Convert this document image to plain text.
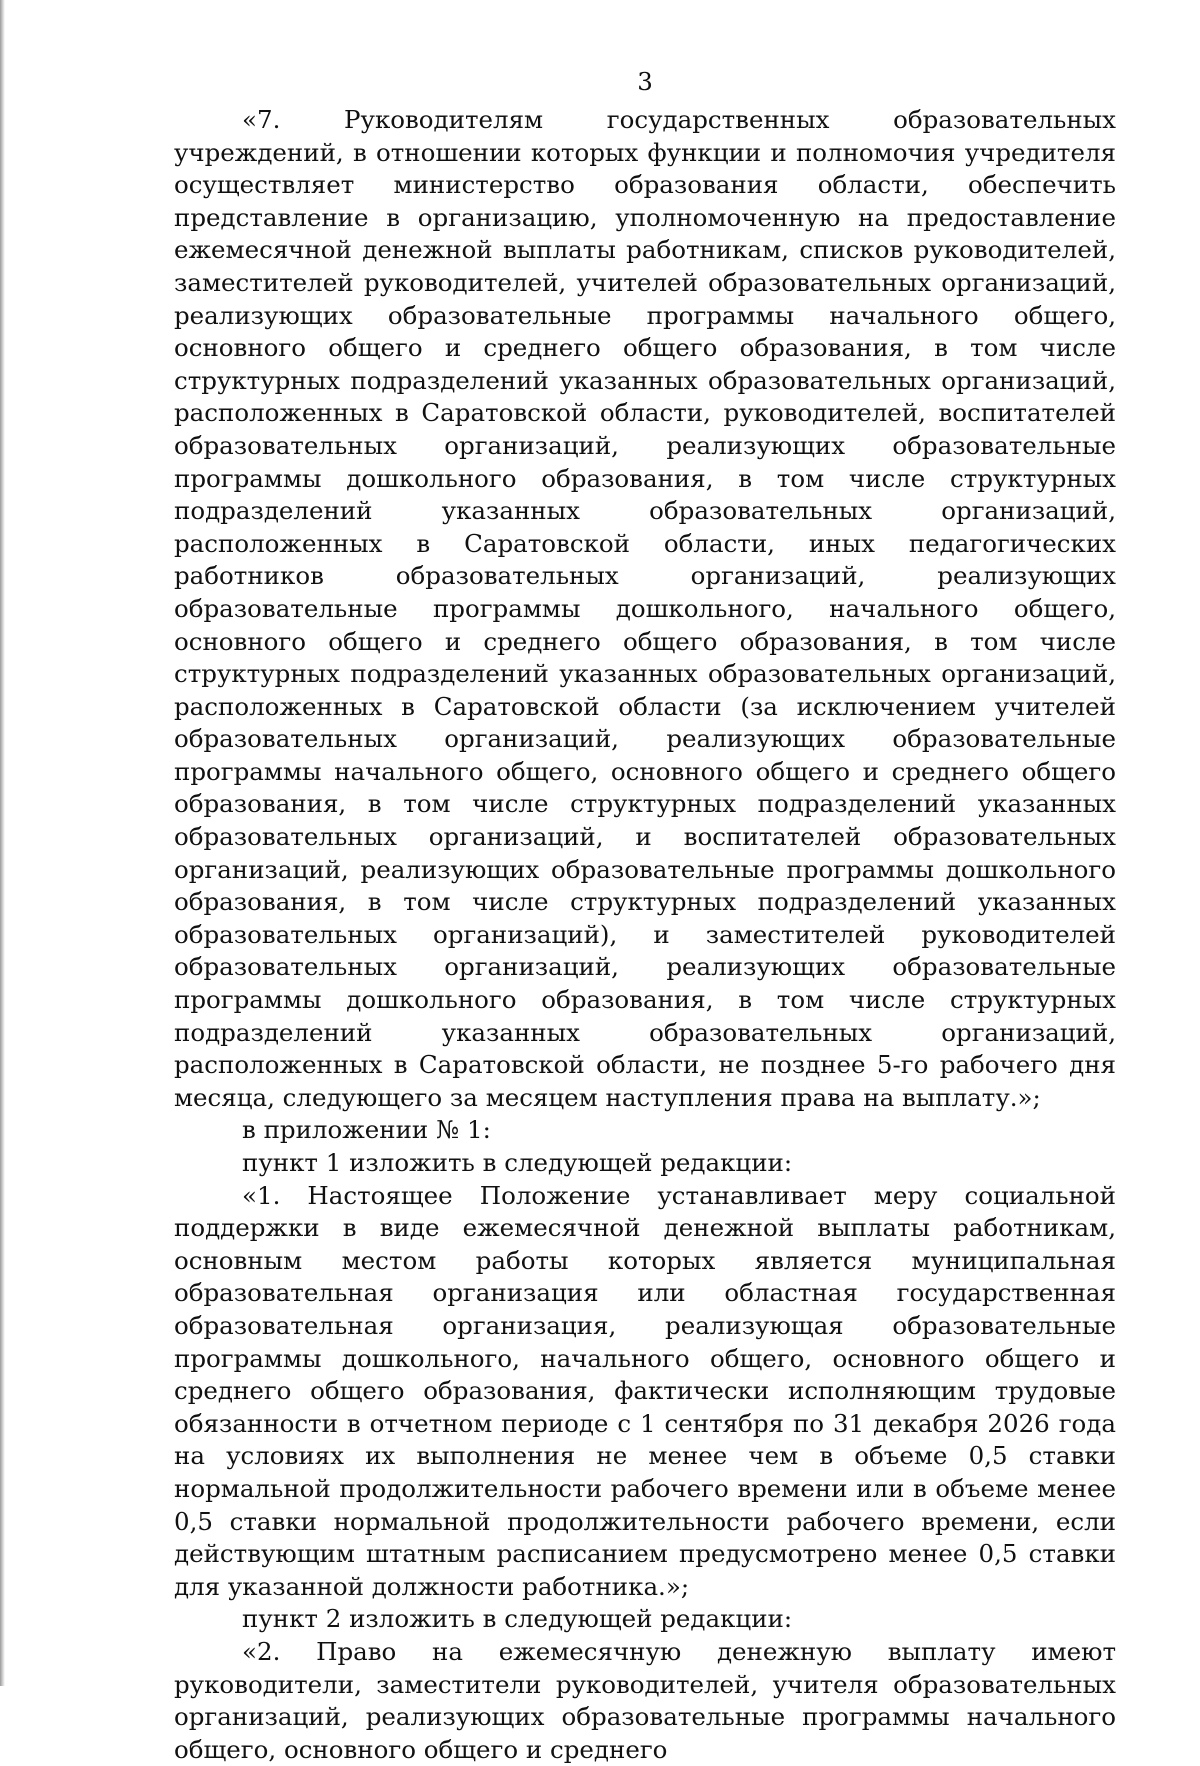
3

«7. Руководителям государственных образовательных учреждений, в отношении которых функции и полномочия учредителя осуществляет министерство образования области, обеспечить представление в организацию, уполномоченную на предоставление ежемесячной денежной выплаты работникам, списков руководителей, заместителей руководителей, учителей образовательных организаций, реализующих образовательные программы начального общего, основного общего и среднего общего образования, в том числе структурных подразделений указанных образовательных организаций, расположенных в Саратовской области, руководителей, воспитателей образовательных организаций, реализующих образовательные программы дошкольного образования, в том числе структурных подразделений указанных образовательных организаций, расположенных в Саратовской области, иных педагогических работников образовательных организаций, реализующих образовательные программы дошкольного, начального общего, основного общего и среднего общего образования, в том числе структурных подразделений указанных образовательных организаций, расположенных в Саратовской области (за исключением учителей образовательных организаций, реализующих образовательные программы начального общего, основного общего и среднего общего образования, в том числе структурных подразделений указанных образовательных организаций, и воспитателей образовательных организаций, реализующих образовательные программы дошкольного образования, в том числе структурных подразделений указанных образовательных организаций), и заместителей руководителей образовательных организаций, реализующих образовательные программы дошкольного образования, в том числе структурных подразделений указанных образовательных организаций, расположенных в Саратовской области, не позднее 5-го рабочего дня месяца, следующего за месяцем наступления права на выплату.»;

в приложении № 1:

пункт 1 изложить в следующей редакции:

«1. Настоящее Положение устанавливает меру социальной поддержки в виде ежемесячной денежной выплаты работникам, основным местом работы которых является муниципальная образовательная организация или областная государственная образовательная организация, реализующая образовательные программы дошкольного, начального общего, основного общего и среднего общего образования, фактически исполняющим трудовые обязанности в отчетном периоде с 1 сентября по 31 декабря 2026 года на условиях их выполнения не менее чем в объеме 0,5 ставки нормальной продолжительности рабочего времени или в объеме менее 0,5 ставки нормальной продолжительности рабочего времени, если действующим штатным расписанием предусмотрено менее 0,5 ставки для указанной должности работника.»;

пункт 2 изложить в следующей редакции:

«2. Право на ежемесячную денежную выплату имеют руководители, заместители руководителей, учителя образовательных организаций, реализующих образовательные программы начального общего, основного общего и среднего
